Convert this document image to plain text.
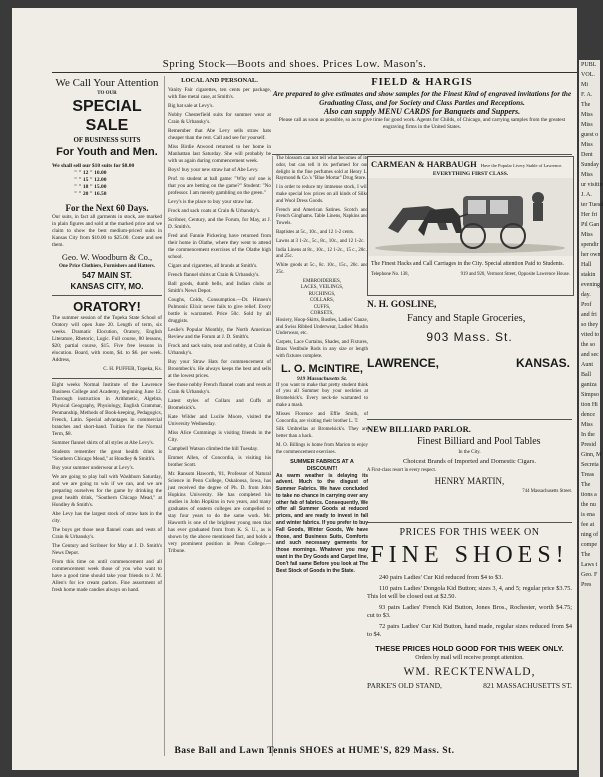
Spring Stock—Boots and shoes. Prices Low. Mason's.
We Call Your Attention
TO OUR
SPECIAL SALE
OF BUSINESS SUITS
For Youth and Men.
We shall sell our $10 suits for $8.00
" " 12 " 10.00
" " 15 " 12.00
" " 18 " 15.00
" " 20 " 16.50
For the Next 60 Days.
Our suits, in fact all garments in stock, are marked in plain figures and sold at the marked price and we claim to show the best medium-priced suits in Kansas City from $10.00 to $25.00. Come and see them.
Geo. W. Woodburn & Co.,
One Price Clothiers, Furnishers and Hatters.
547 MAIN ST.
KANSAS CITY, MO.
ORATORY!
The summer session of the Topeka State School of Oratory will open June 20. Length of term, six weeks. Dramatic Elocution, Oratory, English Literature, Rhetoric, Logic. Full course, 80 lessons, $20; partial course, $15. Five free lessons in elocution. Board, with room, $4. to $6. per week. Address,
C. H. PUFFER, Topeka, Ks.
Eight weeks Normal Institute of the Lawrence Business College and Academy, beginning June 12. Thorough instruction in Arithmetic, Algebra, Physical Geography, Physiology, English Grammar, Penmanship, Methods of Book-keeping, Pedagogics, French, Latin. Special advantages in commercial branches and short-hand. Tuition for the Normal Term, $8.
Summer flannel shirts of all styles at Abe Levy's.
Students remember the great health drink is "Southern Chicago Mead," at Hondley & Smith's.
Buy your summer underwear at Levy's.
We are going to play ball with Washburn Saturday, and we are going to win if we can, and we are preparing ourselves for the game by drinking the great health drink, "Southern Chicago Mead," at Hondley & Smith's.
Abe Levy has the largest stock of straw hats in the city.
The boys get those neat flannel coats and vests of Crain & Urbansky's.
The Century and Scribner for May at J. D. Smith's News Depot.
From this time on until commencement and all commencement week those of you who want to have a good time should take your friends to J. M. Allen's for ice cream parlors. Fine assortment of fresh home made candies always on hand.
LOCAL AND PERSONAL.
Vanity Fair cigarettes, ten cents per package, with fine metal case, at Smith's.
Big hat sale at Levy's.
Nobby Chesterfield suits for summer wear at Crain & Urbansky's.
Remember that Abe Levy sells straw hats cheaper than the rest. Call and see for yourself.
Miss Birdie Atwood returned to her home in Manhattan last Saturday. She will probably be with us again during commencement week.
Boys! buy your new straw hat of Abe Levy.
Prof. to student at ball game: "Why on! one is that you are betting on the game?" Student: "No professor. I am merely gambling on the green."
Levy's is the place to buy your straw hat.
Frock and sack coats at Crain & Urbansky's.
Scribner, Century, and the Forum, for May, at J. D. Smith's.
Fred and Fannie Pickering have returned from their home in Olathe, where they went to attend the commencement exercises of the Olathe high school.
Cigars and cigarettes, all brands at Smith's.
French flannel shirts at Crain & Urbansky's.
Ball goods, dumb bells, and Indian clubs at Smith's News Depot.
Coughs, Colds, Consumption.—Dr. Hinnen's Pulmonic Elixir never fails to give relief. Every bottle is warranted. Price 50c. Sold by all druggists.
Leslie's Popular Monthly, the North American Review and the Forum at J. D. Smith's.
Frock and sack suits, neat and nobby, at Crain & Urbansky's.
Buy your Straw Hats for commencement of Broombeck's. He always keeps the best and sells at the lowest prices.
See those nobby French flannel coats and vests at Crain & Urbansky's.
Latest styles of Collars and Cuffs at Bromelsick's.
Kate Wilder and Lucile Moore, visited the University Wednesday.
Miss Alice Cummings is visiting friends in the City.
Campbell Watson climbed the hill Tuesday.
Emmet Allen, of Concordia, is visiting his brother Scott.
Mr. Ransom Haworth, '81, Professor of Natural Science in Penn College, Oskaloosa, Iowa, has just received the degree of Ph. D. from John Hopkins University. He has completed his studies in John Hopkins in two years, and many graduates of eastern colleges are compelled to stay four years to do the same work. Mr. Haworth is one of the brightest young men that has ever graduated from from K. S. U., as is shown by the above mentioned fact, and holds a very prominent position in Penn College.—Tribune.
FIELD & HARGIS
Are prepared to give estimates and show samples for the Finest Kind of engraved invitations for the Graduating Class, and for Society and Class Parties and Receptions.
Also can supply MENU CARDS for Banquets and Suppers.
Please call as soon as possible, so as to give time for good work. Agents for Childs, of Chicago, and carrying samples from the greatest engraving firms in the United States.
The blossom can not tell what becomes of its odor, but can tell it its perfumed for our delight in the fine perfumes sold at Henry L. Raymond & Co.'s "Blue Mortar" Drug Store.
I in order to reduce my immense stock, I will make special low prices on all kinds of Silks and Wool Dress Goods.
French and American Satines. Scotch and French Ginghams. Table Linens, Napkins and Towels.
Baptistes at 5c., 10c., and 12 1-2 cents.
Lawns at 3 1-2c., 5c., 8c., 10c., and 12 1-2c.
India Linens at 8c., 10c., 12 1-2c., 15 c., 20c., and 25c.
White goods at 5c., 8c. 10c., 15c., 20c. and 25c.
EMBROIDERIES,
LACES, VEILINGS,
RUCHINGS,
COLLARS,
CUFFS,
CORSETS,
Hosiery, Hoop-Skirts, Bustles, Ladies' Gauze, and Swiss Ribbed Underwear, Ladies' Muslin Underwear, etc.
Carpets, Lace Curtains, Shades, and Fixtures, Brass Vestibule Rods in any size or length with fixtures complete.
L. O. McINTIRE,
919 Massachusetts St.
If you want to make that pretty student think of you all Summer buy your neckties at Bromelsick's. Every neck-tie warranted to make a mash.
Misses Florence and Effie Smith, of Concordia, are visiting their brother L. T.
Silk Umbrellas at Bromelsick's. They are better than a hack.
M. O. Billings is home from Marion to enjoy the commencement exercises.
SUMMER FABRICS AT A DISCOUNT!
As warm weather is delaying its advent. Much to the disgust of Summer Fabrics. We have concluded to take no chance in carrying over any other fab of fabrics. Consequently, We offer all Summer Goods at reduced prices, and are ready to invest in fall and winter fabrics. If you prefer to buy Fall Goods, Winter Goods, We have those, and Business Suits, Comforts and such necessary garments for those mornings. Whatever you may want in the Dry Goods and Carpet line, Don't fail same Before you look at The Best Stock of Goods in the State.
CARMEAN & HARBAUGH Have the Popular Livery Stable of Lawrence.
EVERYTHING FIRST CLASS.
The Finest Hacks and Call Carriages in the City. Special attention Paid to Students.
Telephone No. 138,	919 and 920, Vermont Street, Opposite Lawrence House.
N. H. GOSLINE,
Fancy and Staple Groceries,
903 Mass. St.
LAWRENCE,	KANSAS.
NEW BILLIARD PARLOR.
Finest Billiard and Pool Tables
In the City.
Choicest Brands of Imported and Domestic Cigars.
A First-class resort in every respect.
HENRY MARTIN,
744 Massachusetts Street.
PRICES FOR THIS WEEK ON
FINE SHOES!
240 pairs Ladies' Cur Kid reduced from $4 to $3.
110 pairs Ladies' Dongola Kid Button; sizes 3, 4, and 5; regular price $3.75. This lot will be closed out at $2.50.
93 pairs Ladies' French Kid Button, Jones Bros., Rochester, worth $4.75; cut to $3.
72 pairs Ladies' Cur Kid Button, hand made, regular sizes reduced from $4 to $4.
THESE PRICES HOLD GOOD FOR THIS WEEK ONLY.
Orders by mail will receive prompt attention.
WM. RECKTENWALD,
PARKE'S OLD STAND,	821 MASSACHUSETTS ST.
Base Ball and Lawn Tennis SHOES at HUME'S, 829 Mass. St.
PUBL
VOL.
Mi
F. A.
The
Miss
Miss
guest o
Miss
Dent
Sunday
Miss
ur visitin
J. A.
ter Tuesd
Her fri
Pil Gan
Miss
spendir
her own
Hall
stakin
evening
day.
Prof
and fri
so they
vited to
the so
and sec
Aunt
Ball
ganiza
Simpso
tion Hi
dence
Miss
In the
Presid
Ginn, M
Secreta
Treas
The
tions a
the nu
is ena
fee at
ning of
compe
The
Laws t
Geo. F
Pres
